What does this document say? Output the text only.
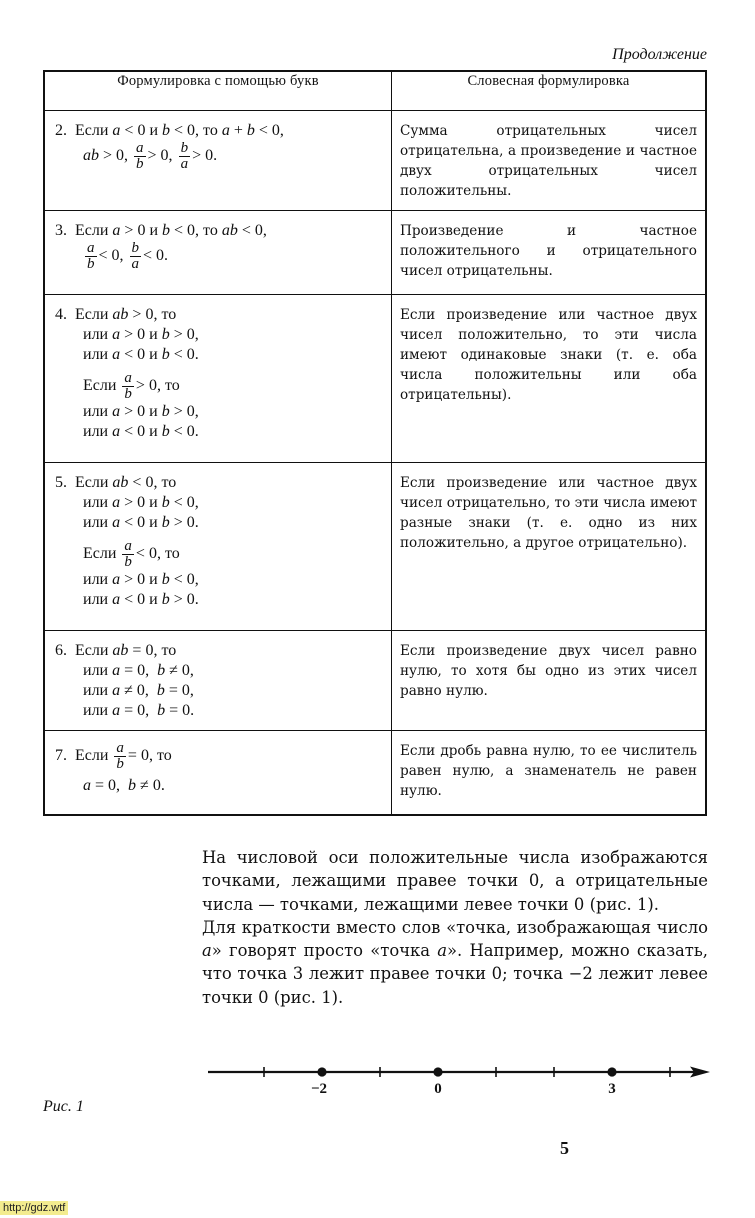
Продолжение
Формулировка с помощью букв	Словесная формулировка

2.  Если a < 0 и b < 0, то a + b < 0,
ab > 0, $\frac{a}{b} > 0$, $\frac{b}{a} > 0$.
	Сумма отрицательных чисел отрицательна, а произведение и частное двух отрицательных чисел положительны.

3.  Если a > 0 и b < 0, то ab < 0,
$\frac{a}{b} < 0$, $\frac{b}{a} < 0$.
	Произведение и частное положительного и отрицательного чисел отрицательны.

4.  Если ab > 0, то
или a > 0 и b > 0,
или a < 0 и b < 0.
Если $\frac{a}{b} > 0$, то
или a > 0 и b > 0,
или a < 0 и b < 0.
	Если произведение или частное двух чисел положительно, то эти числа имеют одинаковые знаки (т. е. оба числа положительны или оба отрицательны).

5.  Если ab < 0, то
или a > 0 и b < 0,
или a < 0 и b > 0.
Если $\frac{a}{b} < 0$, то
или a > 0 и b < 0,
или a < 0 и b > 0.
	Если произведение или частное двух чисел отрицательно, то эти числа имеют разные знаки (т. е. одно из них положительно, а другое отрицательно).

6.  Если ab = 0, то
или a = 0,  b ≠ 0,
или a ≠ 0,  b = 0,
или a = 0,  b = 0.	Если произведение двух чисел равно нулю, то хотя бы одно из этих чисел равно нулю.

7.  Если $\frac{a}{b} = 0$, то
a = 0,  b ≠ 0.	Если дробь равна нулю, то ее числитель равен нулю, а знаменатель не равен нулю.

На числовой оси положительные числа изображаются точками, лежащими правее точки 0, а отрицательные числа — точками, лежащими левее точки 0 (рис. 1).

Для краткости вместо слов «точка, изображающая число a» говорят просто «точка a». Например, можно сказать, что точка 3 лежит правее точки 0; точка −2 лежит левее точки 0 (рис. 1).

−2	0	3
Рис. 1
5
http://gdz.wtf
